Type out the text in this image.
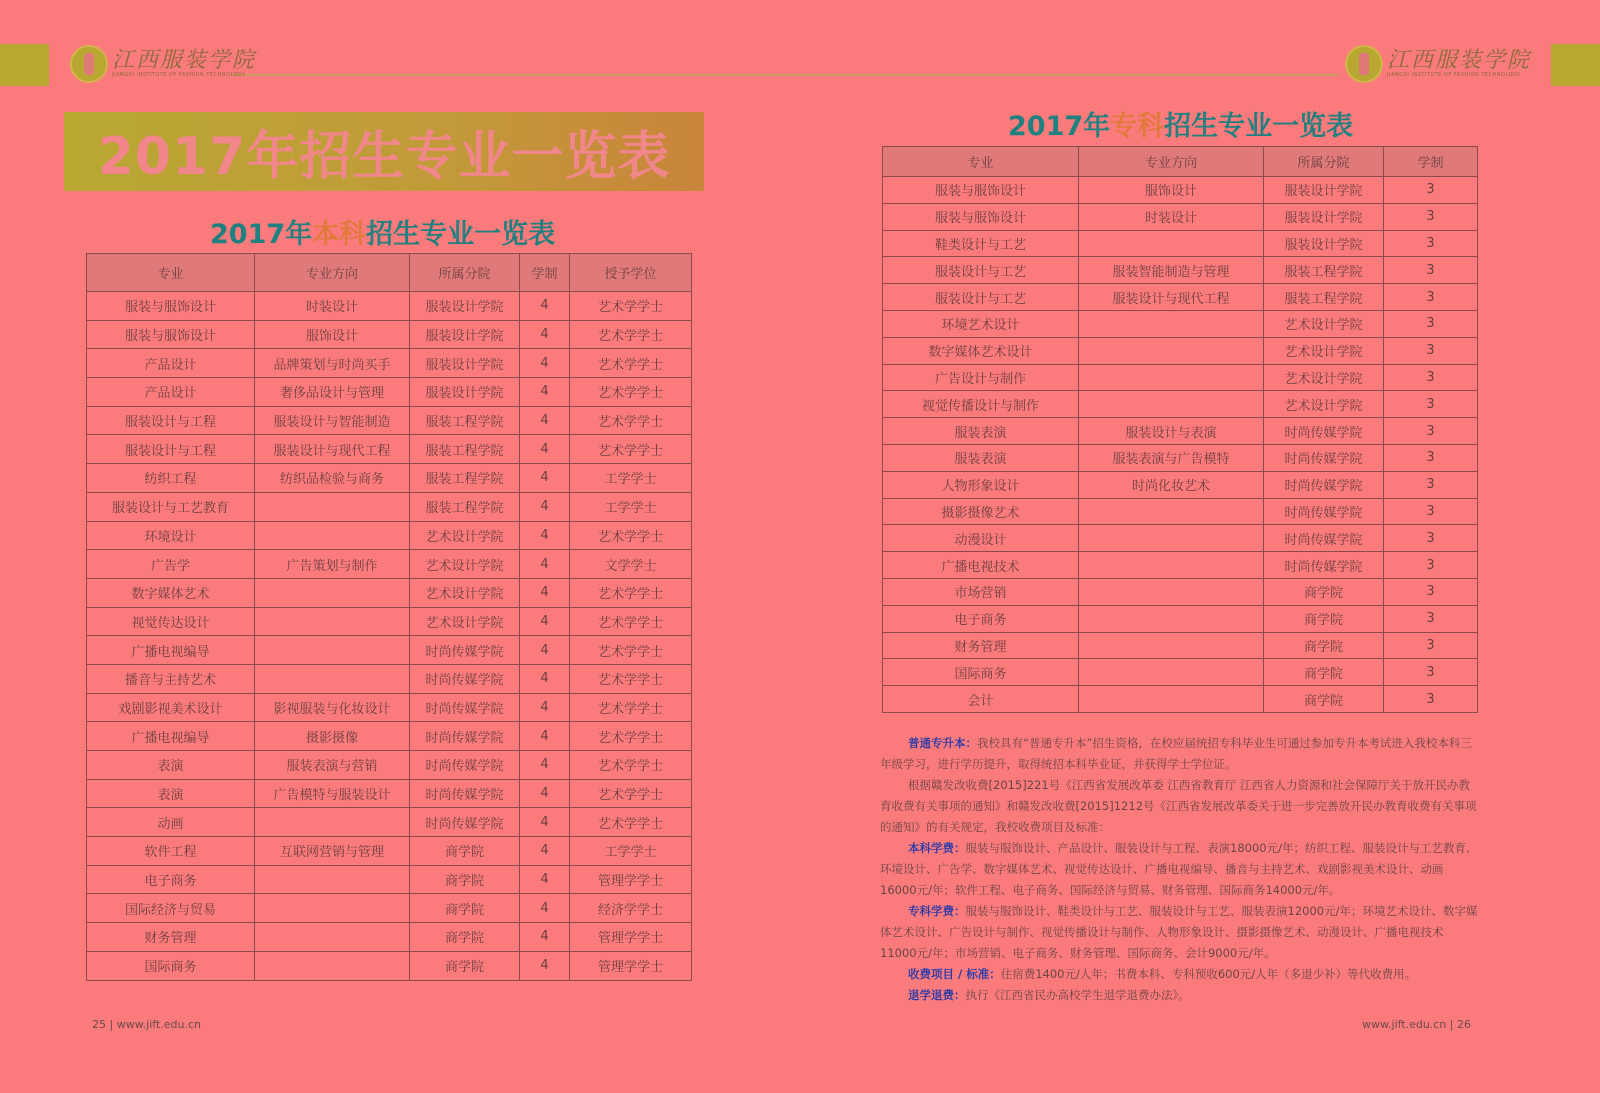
江西服装学院
JIANGXI INSTITUTE OF FASHION TECHNOLOGY
江西服装学院
JIANGXI INSTITUTE OF FASHION TECHNOLOGY
2017年招生专业一览表
2017年本科招生专业一览表
专业	专业方向	所属分院	学制	授予学位
服装与服饰设计	时装设计	服装设计学院	4	艺术学学士
服装与服饰设计	服饰设计	服装设计学院	4	艺术学学士
产品设计	品牌策划与时尚买手	服装设计学院	4	艺术学学士
产品设计	奢侈品设计与管理	服装设计学院	4	艺术学学士
服装设计与工程	服装设计与智能制造	服装工程学院	4	艺术学学士
服装设计与工程	服装设计与现代工程	服装工程学院	4	艺术学学士
纺织工程	纺织品检验与商务	服装工程学院	4	工学学士
服装设计与工艺教育		服装工程学院	4	工学学士
环境设计		艺术设计学院	4	艺术学学士
广告学	广告策划与制作	艺术设计学院	4	文学学士
数字媒体艺术		艺术设计学院	4	艺术学学士
视觉传达设计		艺术设计学院	4	艺术学学士
广播电视编导		时尚传媒学院	4	艺术学学士
播音与主持艺术		时尚传媒学院	4	艺术学学士
戏剧影视美术设计	影视服装与化妆设计	时尚传媒学院	4	艺术学学士
广播电视编导	摄影摄像	时尚传媒学院	4	艺术学学士
表演	服装表演与营销	时尚传媒学院	4	艺术学学士
表演	广告模特与服装设计	时尚传媒学院	4	艺术学学士
动画		时尚传媒学院	4	艺术学学士
软件工程	互联网营销与管理	商学院	4	工学学士
电子商务		商学院	4	管理学学士
国际经济与贸易		商学院	4	经济学学士
财务管理		商学院	4	管理学学士
国际商务		商学院	4	管理学学士
2017年专科招生专业一览表
专业	专业方向	所属分院	学制
服装与服饰设计	服饰设计	服装设计学院	3
服装与服饰设计	时装设计	服装设计学院	3
鞋类设计与工艺		服装设计学院	3
服装设计与工艺	服装智能制造与管理	服装工程学院	3
服装设计与工艺	服装设计与现代工程	服装工程学院	3
环境艺术设计		艺术设计学院	3
数字媒体艺术设计		艺术设计学院	3
广告设计与制作		艺术设计学院	3
视觉传播设计与制作		艺术设计学院	3
服装表演	服装设计与表演	时尚传媒学院	3
服装表演	服装表演与广告模特	时尚传媒学院	3
人物形象设计	时尚化妆艺术	时尚传媒学院	3
摄影摄像艺术		时尚传媒学院	3
动漫设计		时尚传媒学院	3
广播电视技术		时尚传媒学院	3
市场营销		商学院	3
电子商务		商学院	3
财务管理		商学院	3
国际商务		商学院	3
会计		商学院	3

普通专升本：我校具有“普通专升本”招生资格，在校应届统招专科毕业生可通过参加专升本考试进入我校本科三年级学习，进行学历提升，取得统招本科毕业证，并获得学士学位证。

根据赣发改收费[2015]221号《江西省发展改革委 江西省教育厅 江西省人力资源和社会保障厅关于放开民办教育收费有关事项的通知》和赣发改收费[2015]1212号《江西省发展改革委关于进一步完善放开民办教育收费有关事项的通知》的有关规定，我校收费项目及标准：

本科学费：服装与服饰设计、产品设计、服装设计与工程、表演18000元/年；纺织工程、服装设计与工艺教育、环境设计、广告学、数字媒体艺术、视觉传达设计、广播电视编导、播音与主持艺术、戏剧影视美术设计、动画16000元/年；软件工程、电子商务、国际经济与贸易、财务管理、国际商务14000元/年。

专科学费：服装与服饰设计、鞋类设计与工艺、服装设计与工艺、服装表演12000元/年；环境艺术设计、数字媒体艺术设计、广告设计与制作、视觉传播设计与制作、人物形象设计、摄影摄像艺术、动漫设计、广播电视技术11000元/年；市场营销、电子商务、财务管理、国际商务、会计9000元/年。

收费项目 / 标准：住宿费1400元/人年；书费本科、专科预收600元/人年（多退少补）等代收费用。

退学退费：执行《江西省民办高校学生退学退费办法》。

25 | www.jift.edu.cn	www.jift.edu.cn | 26
